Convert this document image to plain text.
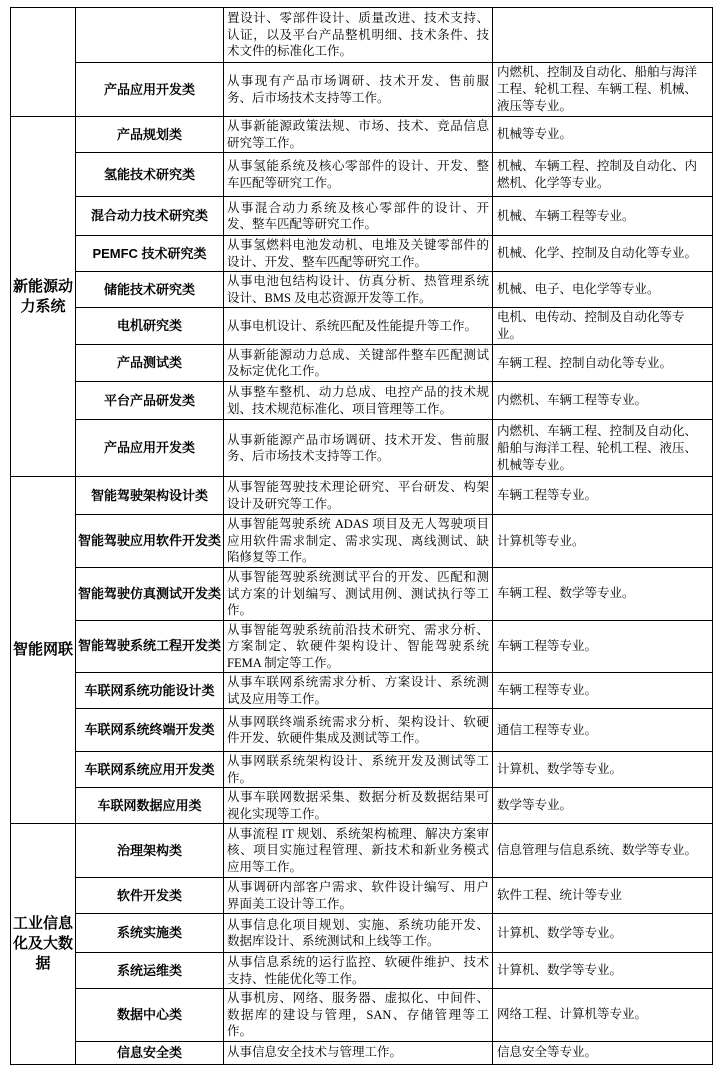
		置设计、零部件设计、质量改进、技术支持、认证，以及平台产品整机明细、技术条件、技术文件的标准化工作。	
	产品应用开发类	从事现有产品市场调研、技术开发、售前服务、后市场技术支持等工作。	内燃机、控制及自动化、船舶与海洋工程、轮机工程、车辆工程、机械、液压等专业。
新能源动力系统	产品规划类	从事新能源政策法规、市场、技术、竞品信息研究等工作。	机械等专业。
	氢能技术研究类	从事氢能系统及核心零部件的设计、开发、整车匹配等研究工作。	机械、车辆工程、控制及自动化、内燃机、化学等专业。
	混合动力技术研究类	从事混合动力系统及核心零部件的设计、开发、整车匹配等研究工作。	机械、车辆工程等专业。
	PEMFC 技术研究类	从事氢燃料电池发动机、电堆及关键零部件的设计、开发、整车匹配等研究工作。	机械、化学、控制及自动化等专业。
	储能技术研究类	从事电池包结构设计、仿真分析、热管理系统设计、BMS 及电芯资源开发等工作。	机械、电子、电化学等专业。
	电机研究类	从事电机设计、系统匹配及性能提升等工作。	电机、电传动、控制及自动化等专业。
	产品测试类	从事新能源动力总成、关键部件整车匹配测试及标定优化工作。	车辆工程、控制自动化等专业。
	平台产品研发类	从事整车整机、动力总成、电控产品的技术规划、技术规范标准化、项目管理等工作。	内燃机、车辆工程等专业。
	产品应用开发类	从事新能源产品市场调研、技术开发、售前服务、后市场技术支持等工作。	内燃机、车辆工程、控制及自动化、船舶与海洋工程、轮机工程、液压、机械等专业。
智能网联	智能驾驶架构设计类	从事智能驾驶技术理论研究、平台研发、构架设计及研究等工作。	车辆工程等专业。
	智能驾驶应用软件开发类	从事智能驾驶系统 ADAS 项目及无人驾驶项目应用软件需求制定、需求实现、离线测试、缺陷修复等工作。	计算机等专业。
	智能驾驶仿真测试开发类	从事智能驾驶系统测试平台的开发、匹配和测试方案的计划编写、测试用例、测试执行等工作。	车辆工程、数学等专业。
	智能驾驶系统工程开发类	从事智能驾驶系统前沿技术研究、需求分析、方案制定、软硬件架构设计、智能驾驶系统 FEMA 制定等工作。	车辆工程等专业。
	车联网系统功能设计类	从事车联网系统需求分析、方案设计、系统测试及应用等工作。	车辆工程等专业。
	车联网系统终端开发类	从事网联终端系统需求分析、架构设计、软硬件开发、软硬件集成及测试等工作。	通信工程等专业。
	车联网系统应用开发类	从事网联系统架构设计、系统开发及测试等工作。	计算机、数学等专业。
	车联网数据应用类	从事车联网数据采集、数据分析及数据结果可视化实现等工作。	数学等专业。
工业信息化及大数据	治理架构类	从事流程 IT 规划、系统架构梳理、解决方案审核、项目实施过程管理、新技术和新业务模式应用等工作。	信息管理与信息系统、数学等专业。
	软件开发类	从事调研内部客户需求、软件设计编写、用户界面美工设计等工作。	软件工程、统计等专业
	系统实施类	从事信息化项目规划、实施、系统功能开发、数据库设计、系统测试和上线等工作。	计算机、数学等专业。
	系统运维类	从事信息系统的运行监控、软硬件维护、技术支持、性能优化等工作。	计算机、数学等专业。
	数据中心类	从事机房、网络、服务器、虚拟化、中间件、数据库的建设与管理，SAN、存储管理等工作。	网络工程、计算机等专业。
	信息安全类	从事信息安全技术与管理工作。	信息安全等专业。
